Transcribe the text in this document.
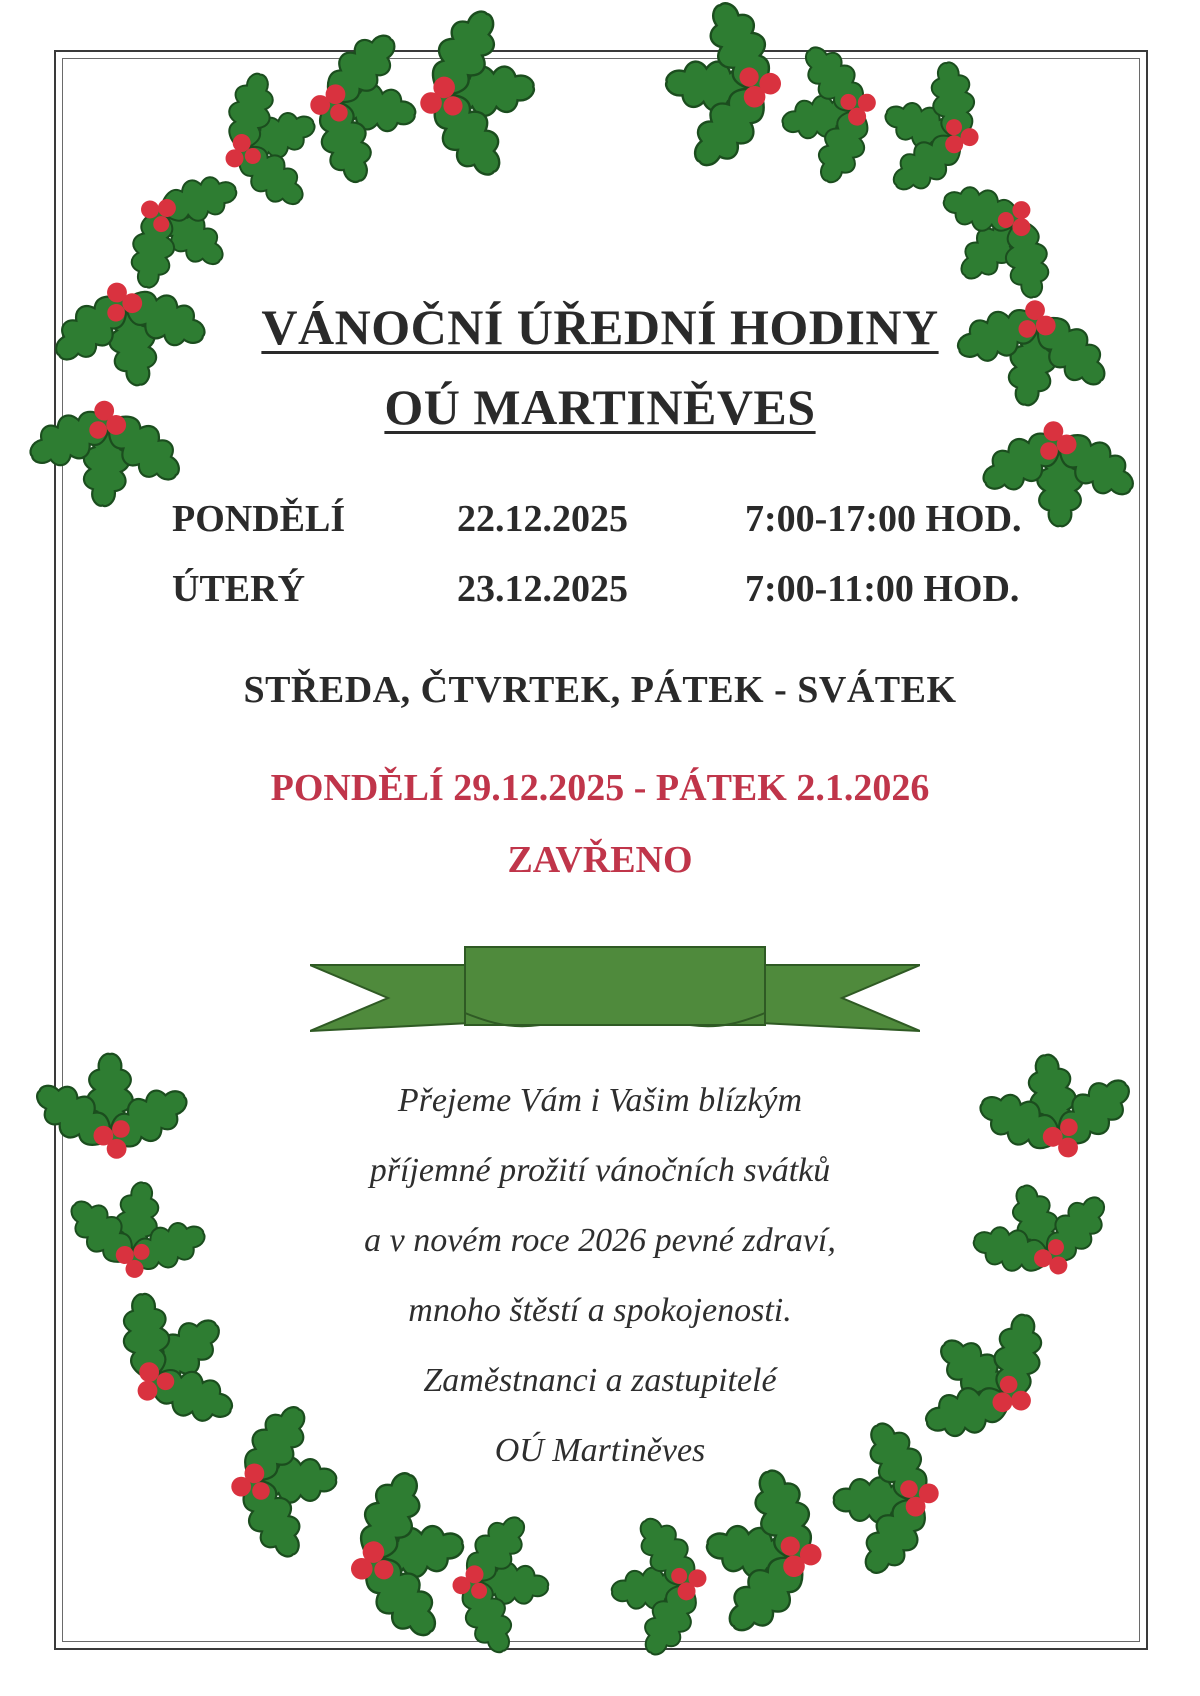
VÁNOČNÍ ÚŘEDNÍ HODINY
OÚ MARTINĚVES
PONDĚLÍ	22.12.2025	7:00-17:00 HOD.
ÚTERÝ	23.12.2025	7:00-11:00 HOD.
STŘEDA, ČTVRTEK, PÁTEK - SVÁTEK
PONDĚLÍ 29.12.2025 - PÁTEK 2.1.2026
ZAVŘENO
Přejeme Vám i Vašim blízkým
příjemné prožití vánočních svátků
a v novém roce 2026 pevné zdraví,
mnoho štěstí a spokojenosti.
Zaměstnanci a zastupitelé
OÚ Martiněves
